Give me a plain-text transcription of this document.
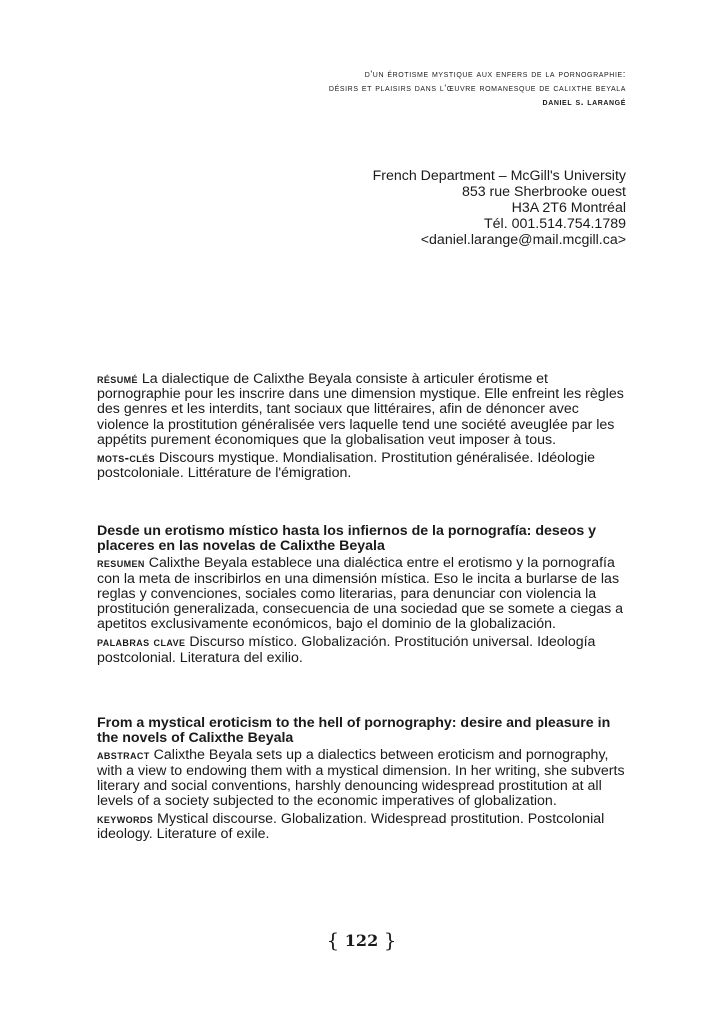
d'un érotisme mystique aux enfers de la pornographie:
désirs et plaisirs dans l'œuvre romanesque de calixthe beyala
daniel s. larangé
French Department – McGill's University
853 rue Sherbrooke ouest
H3A 2T6 Montréal
Tél. 001.514.754.1789
<daniel.larange@mail.mcgill.ca>

résumé La dialectique de Calixthe Beyala consiste à articuler érotisme et pornographie pour les inscrire dans une dimension mystique. Elle enfreint les règles des genres et les interdits, tant sociaux que littéraires, afin de dénoncer avec violence la prostitution généralisée vers laquelle tend une société aveuglée par les appétits purement économiques que la globalisation veut imposer à tous.

mots-clés Discours mystique. Mondialisation. Prostitution généralisée. Idéologie postcoloniale. Littérature de l'émigration.

Desde un erotismo místico hasta los infiernos de la pornografía: deseos y placeres en las novelas de Calixthe Beyala

resumen Calixthe Beyala establece una dialéctica entre el erotismo y la pornografía con la meta de inscribirlos en una dimensión mística. Eso le incita a burlarse de las reglas y convenciones, sociales como literarias, para denunciar con violencia la prostitución generalizada, consecuencia de una sociedad que se somete a ciegas a apetitos exclusivamente económicos, bajo el dominio de la globalización.

palabras clave Discurso místico. Globalización. Prostitución universal. Ideología postcolonial. Literatura del exilio.

From a mystical eroticism to the hell of pornography: desire and pleasure in the novels of Calixthe Beyala

abstract Calixthe Beyala sets up a dialectics between eroticism and pornography, with a view to endowing them with a mystical dimension. In her writing, she subverts literary and social conventions, harshly denouncing widespread prostitution at all levels of a society subjected to the economic imperatives of globalization.

keywords Mystical discourse. Globalization. Widespread prostitution. Postcolonial ideology. Literature of exile.

{ 122 }
